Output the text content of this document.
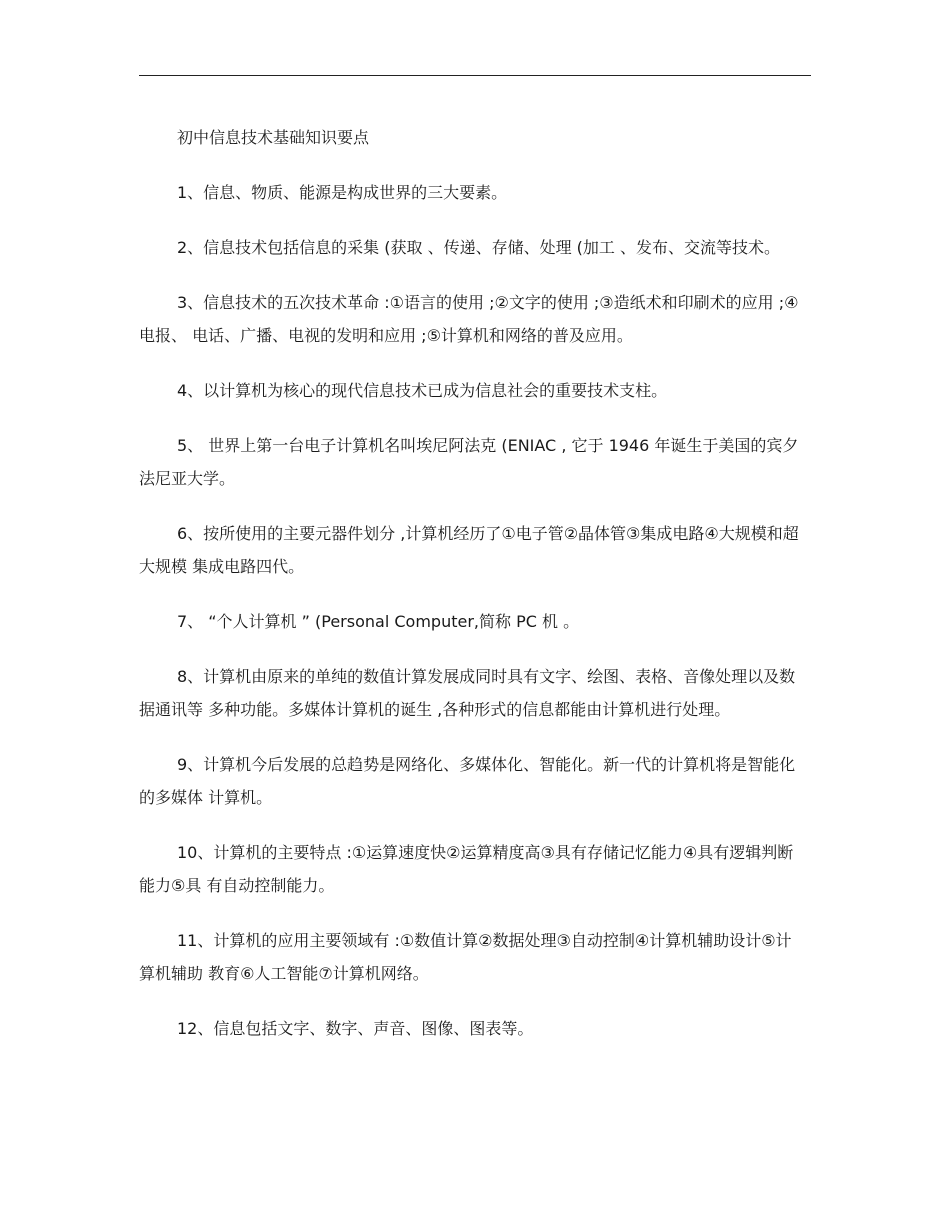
初中信息技术基础知识要点

1、信息、物质、能源是构成世界的三大要素。

2、信息技术包括信息的采集 (获取 、传递、存储、处理 (加工 、发布、交流等技术。

3、信息技术的五次技术革命 :①语言的使用 ;②文字的使用 ;③造纸术和印刷术的应用 ;④电报、 电话、广播、电视的发明和应用 ;⑤计算机和网络的普及应用。

4、以计算机为核心的现代信息技术已成为信息社会的重要技术支柱。

5、 世界上第一台电子计算机名叫埃尼阿法克 (ENIAC , 它于 1946 年诞生于美国的宾夕法尼亚大学。

6、按所使用的主要元器件划分 ,计算机经历了①电子管②晶体管③集成电路④大规模和超大规模 集成电路四代。

7、 “个人计算机 ” (Personal Computer,简称 PC 机 。

8、计算机由原来的单纯的数值计算发展成同时具有文字、绘图、表格、音像处理以及数据通讯等 多种功能。多媒体计算机的诞生 ,各种形式的信息都能由计算机进行处理。

9、计算机今后发展的总趋势是网络化、多媒体化、智能化。新一代的计算机将是智能化的多媒体 计算机。

10、计算机的主要特点 :①运算速度快②运算精度高③具有存储记忆能力④具有逻辑判断能力⑤具 有自动控制能力。

11、计算机的应用主要领域有 :①数值计算②数据处理③自动控制④计算机辅助设计⑤计算机辅助 教育⑥人工智能⑦计算机网络。

12、信息包括文字、数字、声音、图像、图表等。
